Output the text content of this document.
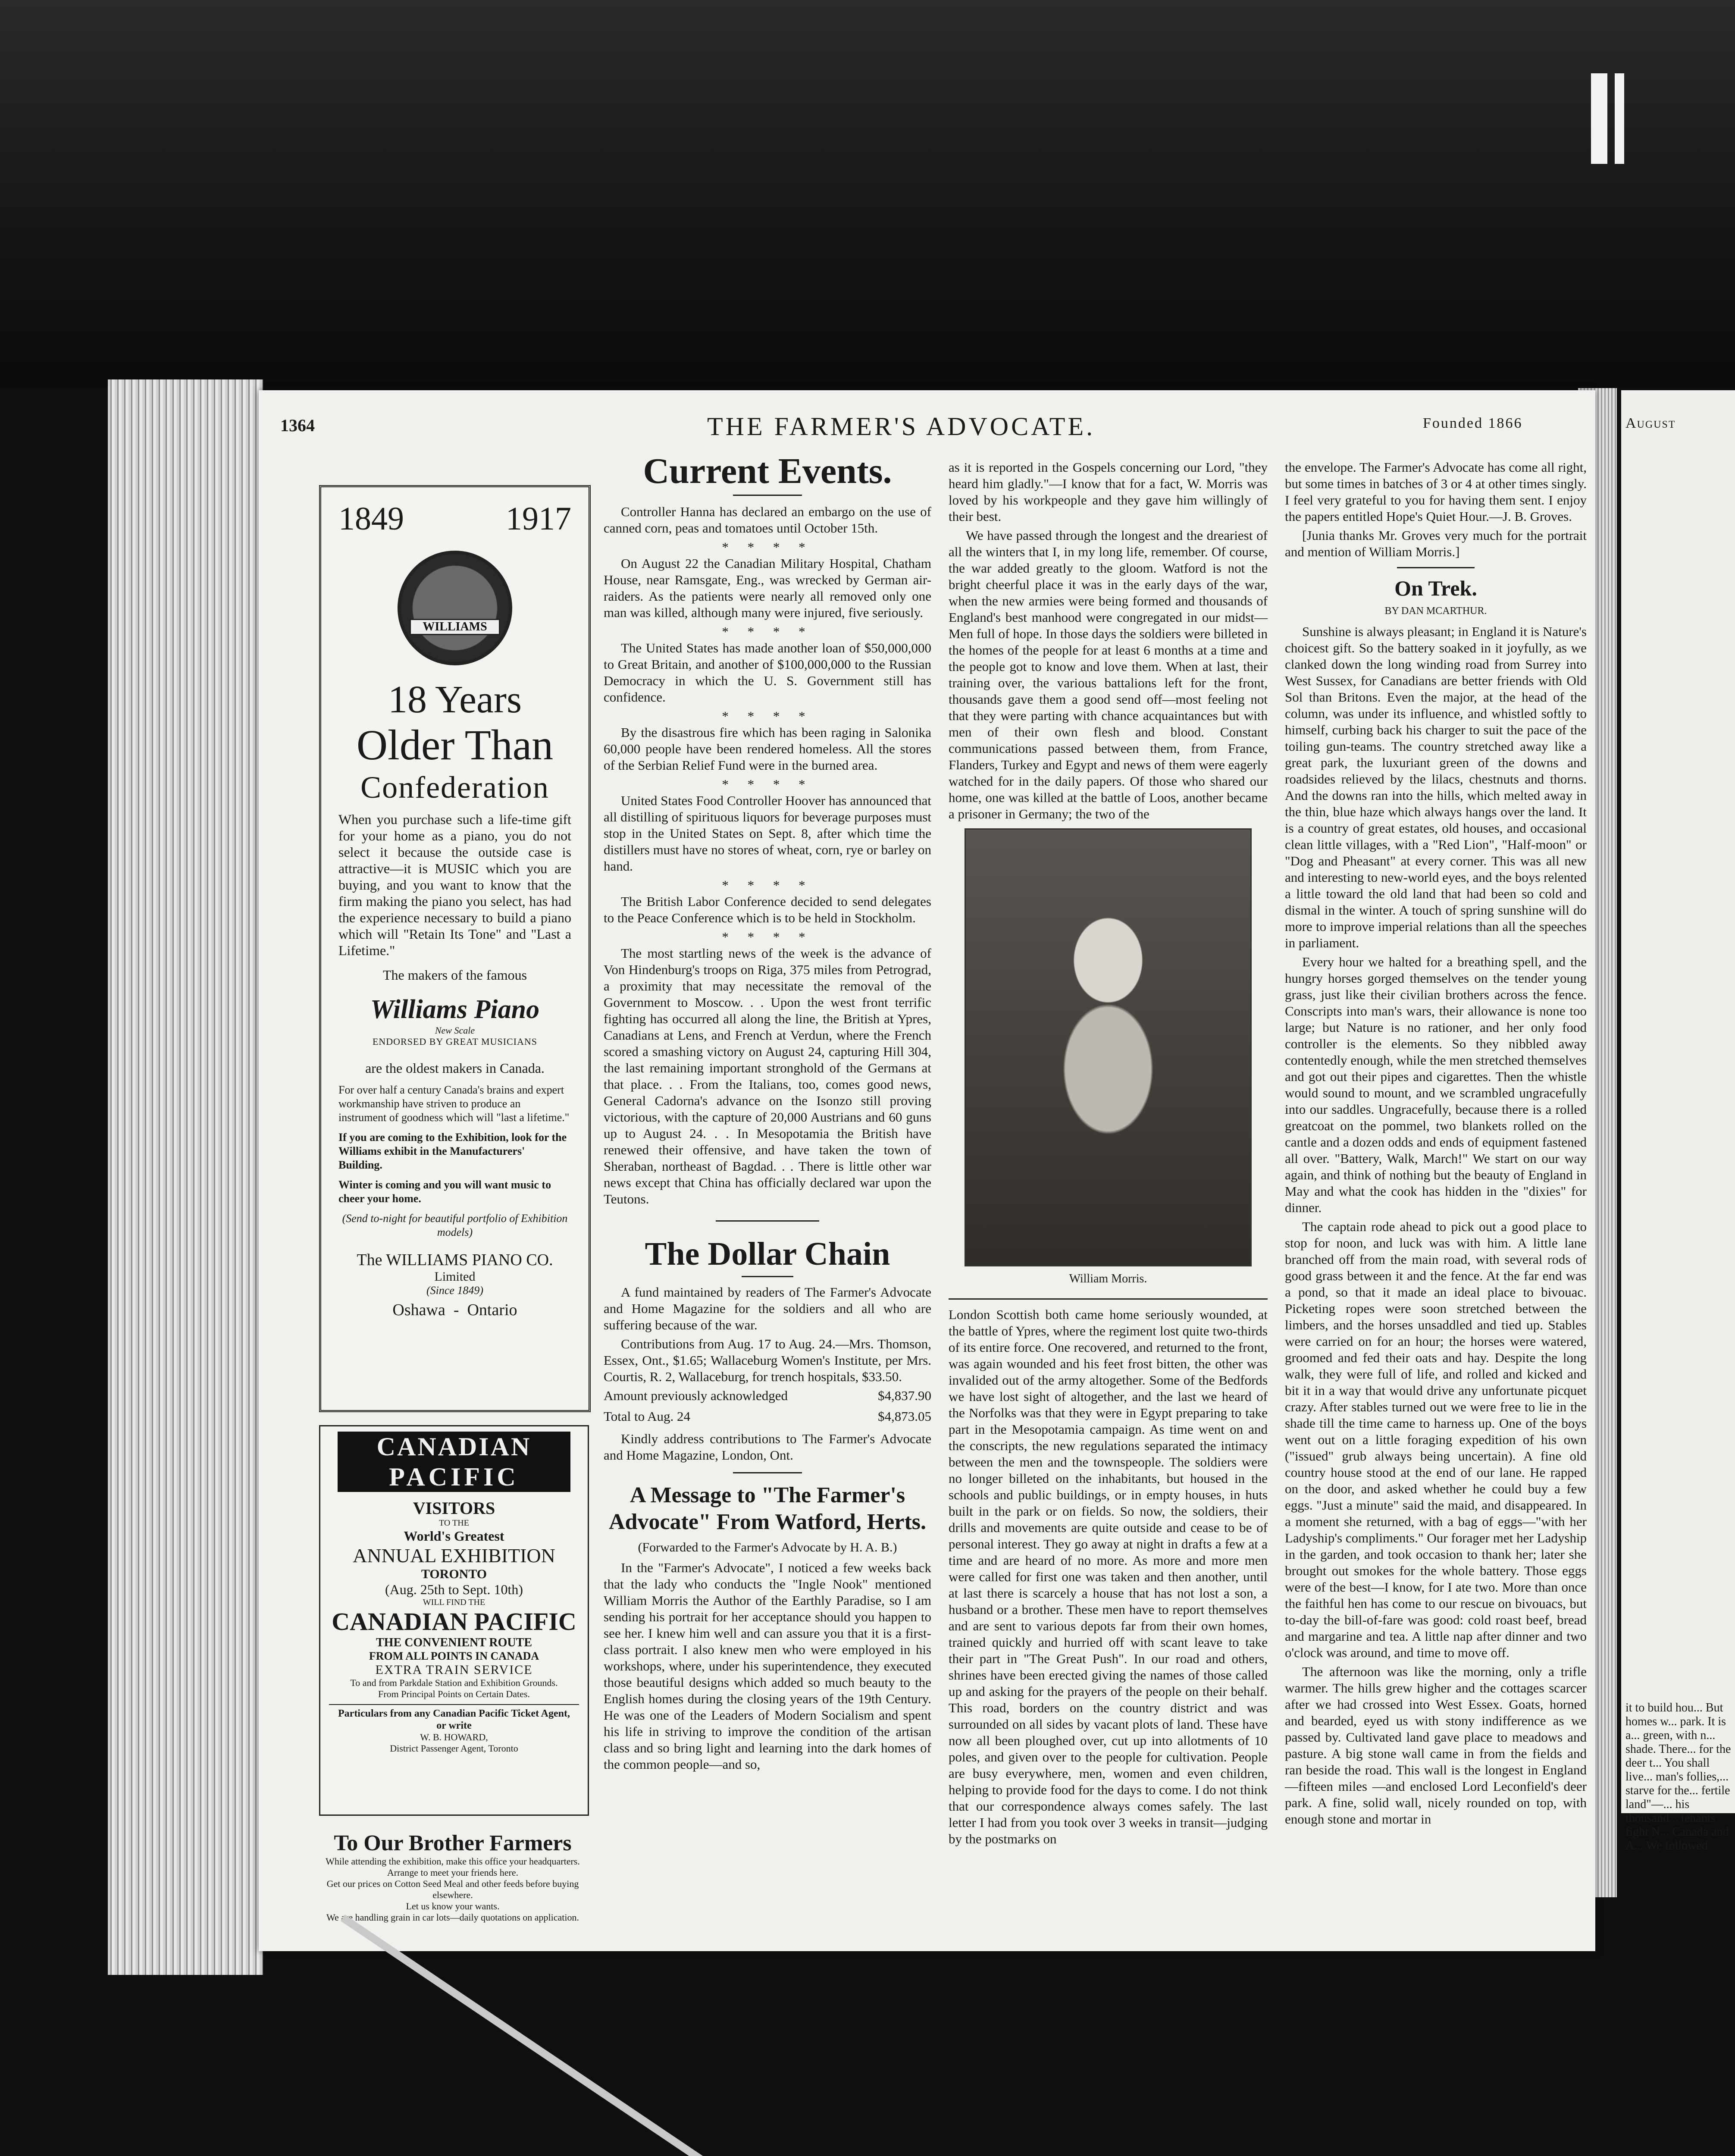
1364	THE FARMER'S ADVOCATE.	Founded 1866
1849	1917
WILLIAMS
18 Years
Older Than
Confederation
When you purchase such a life-time gift for your home as a piano, you do not select it because the outside case is attractive—it is MUSIC which you are buying, and you want to know that the firm making the piano you select, has had the experience necessary to build a piano which will "Retain Its Tone" and "Last a Lifetime."
The makers of the famous
Williams Piano
New Scale
ENDORSED BY GREAT MUSICIANS
are the oldest makers in Canada.
For over half a century Canada's brains and expert workmanship have striven to produce an instrument of goodness which will "last a lifetime."
If you are coming to the Exhibition, look for the Williams exhibit in the Manufacturers' Building.
Winter is coming and you will want music to cheer your home.
(Send to-night for beautiful portfolio of Exhibition models)
The WILLIAMS PIANO CO.
Limited
(Since 1849)
Oshawa  -  Ontario
CANADIAN
PACIFIC
VISITORS
TO THE
World's Greatest
ANNUAL EXHIBITION
TORONTO
(Aug. 25th to Sept. 10th)
WILL FIND THE
CANADIAN PACIFIC
THE CONVENIENT ROUTE
FROM ALL POINTS IN CANADA
EXTRA TRAIN SERVICE
To and from Parkdale Station and Exhibition Grounds.
From Principal Points on Certain Dates.
Particulars from any Canadian Pacific Ticket Agent, or write
W. B. HOWARD,
District Passenger Agent, Toronto
To Our Brother Farmers
While attending the exhibition, make this office your headquarters.
Arrange to meet your friends here.
Get our prices on Cotton Seed Meal and other feeds before buying elsewhere.
Let us know your wants.
We are handling grain in car lots—daily quotations on application.
Current Events.

Controller Hanna has declared an embargo on the use of canned corn, peas and tomatoes until October 15th.

* * * *

On August 22 the Canadian Military Hospital, Chatham House, near Ramsgate, Eng., was wrecked by German air-raiders. As the patients were nearly all removed only one man was killed, although many were injured, five seriously.

* * * *

The United States has made another loan of $50,000,000 to Great Britain, and another of $100,000,000 to the Russian Democracy in which the U. S. Government still has confidence.

* * * *

By the disastrous fire which has been raging in Salonika 60,000 people have been rendered homeless. All the stores of the Serbian Relief Fund were in the burned area.

* * * *

United States Food Controller Hoover has announced that all distilling of spirituous liquors for beverage purposes must stop in the United States on Sept. 8, after which time the distillers must have no stores of wheat, corn, rye or barley on hand.

* * * *

The British Labor Conference decided to send delegates to the Peace Conference which is to be held in Stockholm.

* * * *

The most startling news of the week is the advance of Von Hindenburg's troops on Riga, 375 miles from Petrograd, a proximity that may necessitate the removal of the Government to Moscow. . . Upon the west front terrific fighting has occurred all along the line, the British at Ypres, Canadians at Lens, and French at Verdun, where the French scored a smashing victory on August 24, capturing Hill 304, the last remaining important stronghold of the Germans at that place. . . From the Italians, too, comes good news, General Cadorna's advance on the Isonzo still proving victorious, with the capture of 20,000 Austrians and 60 guns up to August 24. . . In Mesopotamia the British have renewed their offensive, and have taken the town of Sheraban, northeast of Bagdad. . . There is little other war news except that China has officially declared war upon the Teutons.

The Dollar Chain

A fund maintained by readers of The Farmer's Advocate and Home Magazine for the soldiers and all who are suffering because of the war.

Contributions from Aug. 17 to Aug. 24.—Mrs. Thomson, Essex, Ont., $1.65; Wallaceburg Women's Institute, per Mrs. Courtis, R. 2, Wallaceburg, for trench hospitals, $33.50.

Amount previously acknowledged	$4,837.90
Total to Aug. 24	$4,873.05

Kindly address contributions to The Farmer's Advocate and Home Magazine, London, Ont.

A Message to "The Farmer's Advocate" From Watford, Herts.
(Forwarded to the Farmer's Advocate by H. A. B.)

In the "Farmer's Advocate", I noticed a few weeks back that the lady who conducts the "Ingle Nook" mentioned William Morris the Author of the Earthly Paradise, so I am sending his portrait for her acceptance should you happen to see her. I knew him well and can assure you that it is a first-class portrait. I also knew men who were employed in his workshops, where, under his superintendence, they executed those beautiful designs which added so much beauty to the English homes during the closing years of the 19th Century. He was one of the Leaders of Modern Socialism and spent his life in striving to improve the condition of the artisan class and so bring light and learning into the dark homes of the common people—and so,

as it is reported in the Gospels concerning our Lord, "they heard him gladly."—I know that for a fact, W. Morris was loved by his workpeople and they gave him willingly of their best.

We have passed through the longest and the dreariest of all the winters that I, in my long life, remember. Of course, the war added greatly to the gloom. Watford is not the bright cheerful place it was in the early days of the war, when the new armies were being formed and thousands of England's best manhood were congregated in our midst—Men full of hope. In those days the soldiers were billeted in the homes of the people for at least 6 months at a time and the people got to know and love them. When at last, their training over, the various battalions left for the front, thousands gave them a good send off—most feeling not that they were parting with chance acquaintances but with men of their own flesh and blood. Constant communications passed between them, from France, Flanders, Turkey and Egypt and news of them were eagerly watched for in the daily papers. Of those who shared our home, one was killed at the battle of Loos, another became a prisoner in Germany; the two of the

William Morris.

London Scottish both came home seriously wounded, at the battle of Ypres, where the regiment lost quite two-thirds of its entire force. One recovered, and returned to the front, was again wounded and his feet frost bitten, the other was invalided out of the army altogether. Some of the Bedfords we have lost sight of altogether, and the last we heard of the Norfolks was that they were in Egypt preparing to take part in the Mesopotamia campaign. As time went on and the conscripts, the new regulations separated the intimacy between the men and the townspeople. The soldiers were no longer billeted on the inhabitants, but housed in the schools and public buildings, or in empty houses, in huts built in the park or on fields. So now, the soldiers, their drills and movements are quite outside and cease to be of personal interest. They go away at night in drafts a few at a time and are heard of no more. As more and more men were called for first one was taken and then another, until at last there is scarcely a house that has not lost a son, a husband or a brother. These men have to report themselves and are sent to various depots far from their own homes, trained quickly and hurried off with scant leave to take their part in "The Great Push". In our road and others, shrines have been erected giving the names of those called up and asking for the prayers of the people on their behalf. This road, borders on the country district and was surrounded on all sides by vacant plots of land. These have now all been ploughed over, cut up into allotments of 10 poles, and given over to the people for cultivation. People are busy everywhere, men, women and even children, helping to provide food for the days to come. I do not think that our correspondence always comes safely. The last letter I had from you took over 3 weeks in transit—judging by the postmarks on

the envelope. The Farmer's Advocate has come all right, but some times in batches of 3 or 4 at other times singly. I feel very grateful to you for having them sent. I enjoy the papers entitled Hope's Quiet Hour.—J. B. Groves.

[Junia thanks Mr. Groves very much for the portrait and mention of William Morris.]

On Trek.
BY DAN MCARTHUR.

Sunshine is always pleasant; in England it is Nature's choicest gift. So the battery soaked in it joyfully, as we clanked down the long winding road from Surrey into West Sussex, for Canadians are better friends with Old Sol than Britons. Even the major, at the head of the column, was under its influence, and whistled softly to himself, curbing back his charger to suit the pace of the toiling gun-teams. The country stretched away like a great park, the luxuriant green of the downs and roadsides relieved by the lilacs, chestnuts and thorns. And the downs ran into the hills, which melted away in the thin, blue haze which always hangs over the land. It is a country of great estates, old houses, and occasional clean little villages, with a "Red Lion", "Half-moon" or "Dog and Pheasant" at every corner. This was all new and interesting to new-world eyes, and the boys relented a little toward the old land that had been so cold and dismal in the winter. A touch of spring sunshine will do more to improve imperial relations than all the speeches in parliament.

Every hour we halted for a breathing spell, and the hungry horses gorged themselves on the tender young grass, just like their civilian brothers across the fence. Conscripts into man's wars, their allowance is none too large; but Nature is no rationer, and her only food controller is the elements. So they nibbled away contentedly enough, while the men stretched themselves and got out their pipes and cigarettes. Then the whistle would sound to mount, and we scrambled ungracefully into our saddles. Ungracefully, because there is a rolled greatcoat on the pommel, two blankets rolled on the cantle and a dozen odds and ends of equipment fastened all over. "Battery, Walk, March!" We start on our way again, and think of nothing but the beauty of England in May and what the cook has hidden in the "dixies" for dinner.

The captain rode ahead to pick out a good place to stop for noon, and luck was with him. A little lane branched off from the main road, with several rods of good grass between it and the fence. At the far end was a pond, so that it made an ideal place to bivouac. Picketing ropes were soon stretched between the limbers, and the horses unsaddled and tied up. Stables were carried on for an hour; the horses were watered, groomed and fed their oats and hay. Despite the long walk, they were full of life, and rolled and kicked and bit it in a way that would drive any unfortunate picquet crazy. After stables turned out we were free to lie in the shade till the time came to harness up. One of the boys went out on a little foraging expedition of his own ("issued" grub always being uncertain). A fine old country house stood at the end of our lane. He rapped on the door, and asked whether he could buy a few eggs. "Just a minute" said the maid, and disappeared. In a moment she returned, with a bag of eggs—"with her Ladyship's compliments." Our forager met her Ladyship in the garden, and took occasion to thank her; later she brought out smokes for the whole battery. Those eggs were of the best—I know, for I ate two. More than once the faithful hen has come to our rescue on bivouacs, but to-day the bill-of-fare was good: cold roast beef, bread and margarine and tea. A little nap after dinner and two o'clock was around, and time to move off.

The afternoon was like the morning, only a trifle warmer. The hills grew higher and the cottages scarcer after we had crossed into West Essex. Goats, horned and bearded, eyed us with stony indifference as we passed by. Cultivated land gave place to meadows and pasture. A big stone wall came in from the fields and ran beside the road. This wall is the longest in England—fifteen miles —and enclosed Lord Leconfield's deer park. A fine, solid wall, nicely rounded on top, with enough stone and mortar in

August
it to build hou... But homes w... park. It is a... green, with n... shade. There... for the deer t... You shall live... man's follies,... starve for the... fertile land"—... his thousand... tenants fight N... Canada and A... We followed
